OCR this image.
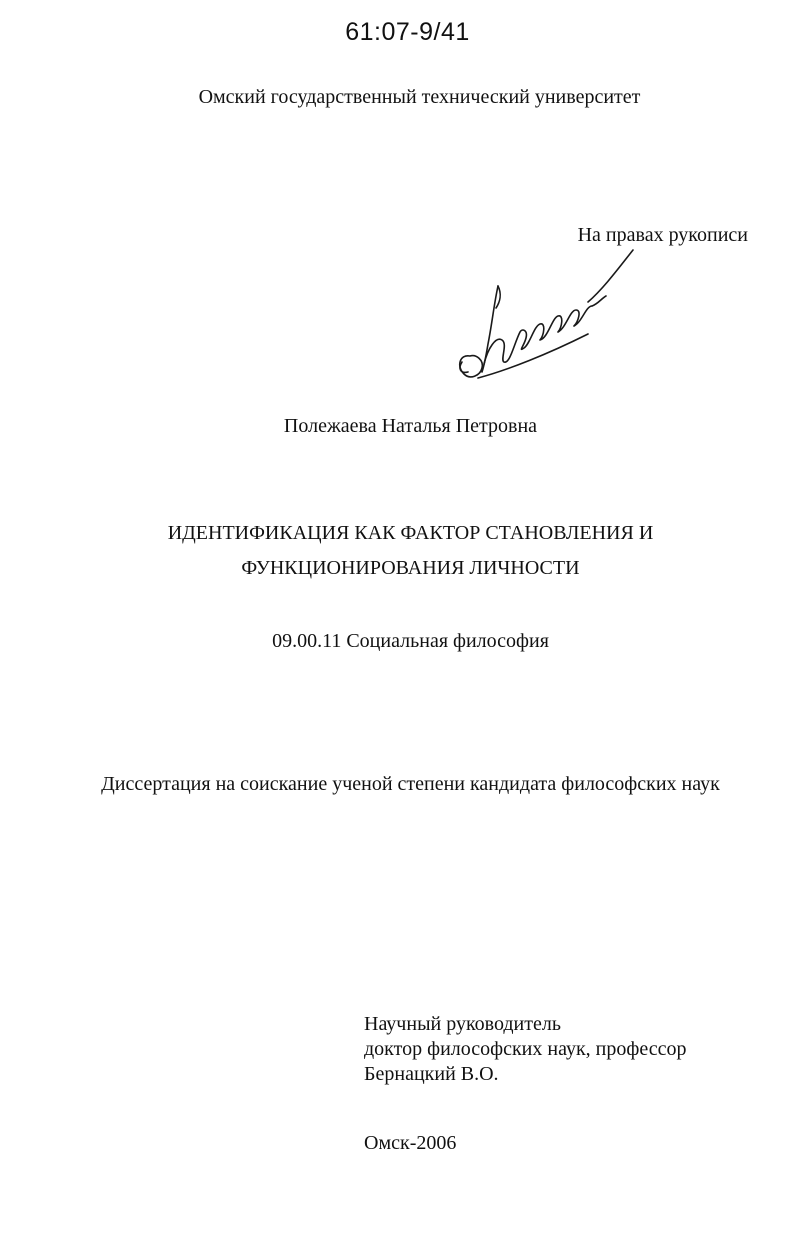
61:07-9/41
Омский государственный технический университет
На правах рукописи
Полежаева Наталья Петровна
ИДЕНТИФИКАЦИЯ КАК ФАКТОР СТАНОВЛЕНИЯ И
ФУНКЦИОНИРОВАНИЯ ЛИЧНОСТИ
09.00.11 Социальная философия
Диссертация на соискание ученой степени кандидата философских наук
Научный руководитель
доктор философских наук, профессор
Бернацкий В.О.
Омск-2006
